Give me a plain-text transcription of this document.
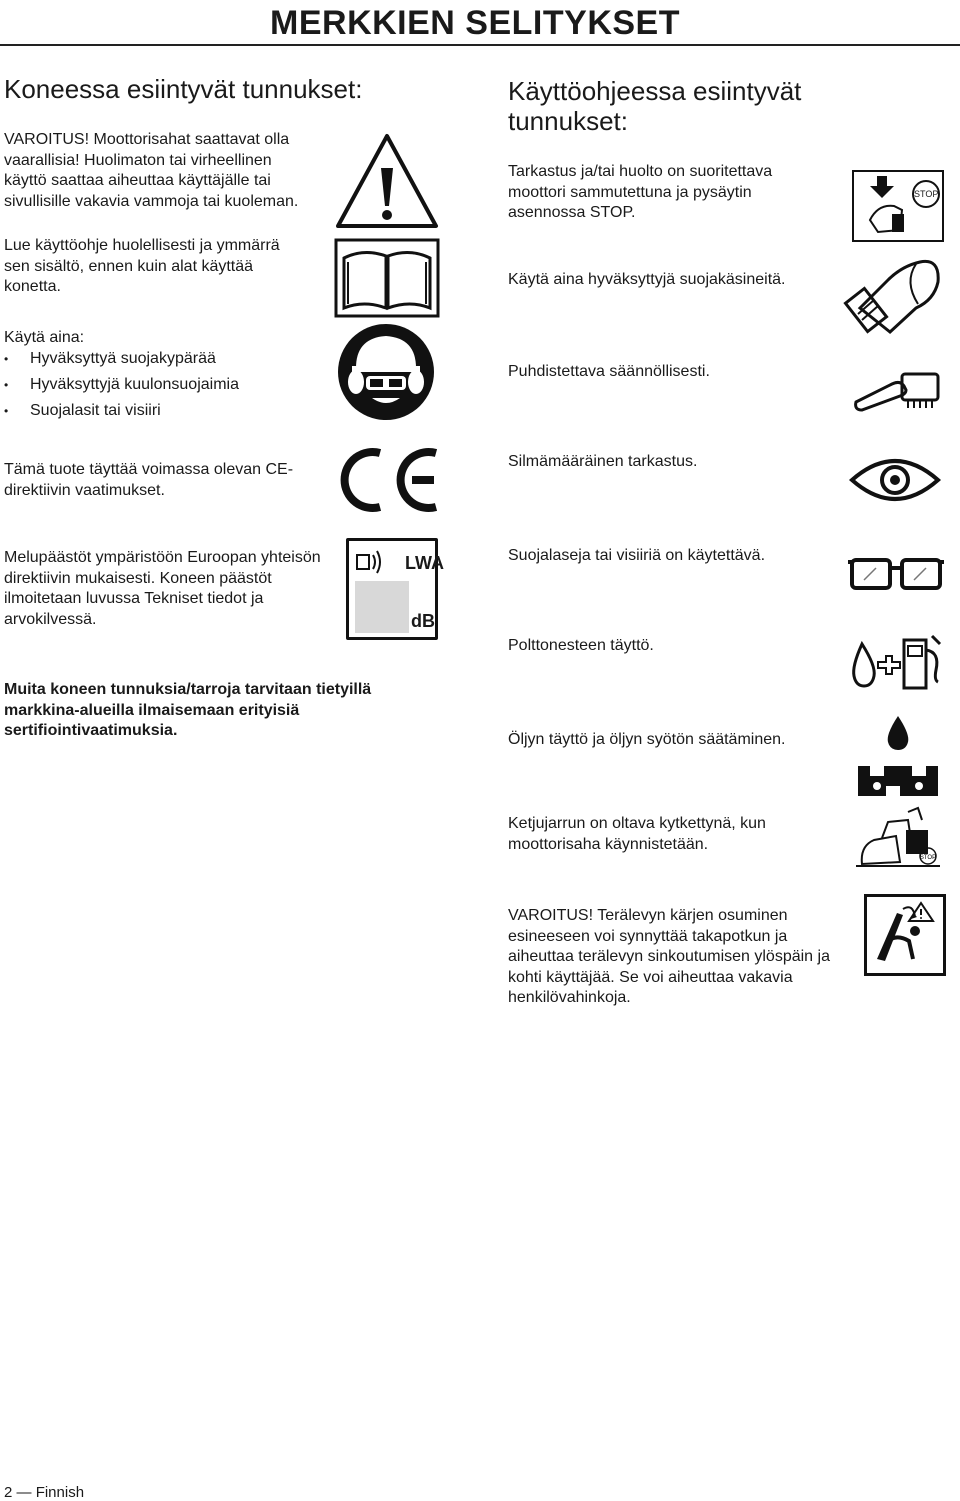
MERKKIEN SELITYKSET
Koneessa esiintyvät tunnukset:
VAROITUS! Moottorisahat saattavat olla vaarallisia! Huolimaton tai virheellinen käyttö saattaa aiheuttaa käyttäjälle tai sivullisille vakavia vammoja tai kuoleman.
Lue käyttöohje huolellisesti ja ymmärrä sen sisältö, ennen kuin alat käyttää konetta.
Käytä aina:
• Hyväksyttyä suojakypärää
• Hyväksyttyjä kuulonsuojaimia
• Suojalasit tai visiiri
Tämä tuote täyttää voimassa olevan CE-direktiivin vaatimukset.
Melupäästöt ympäristöön Euroopan yhteisön direktiivin mukaisesti. Koneen päästöt ilmoitetaan luvussa Tekniset tiedot ja arvokilvessä.
LWA
dB
Muita koneen tunnuksia/tarroja tarvitaan tietyillä markkina-alueilla ilmaisemaan erityisiä sertifiointivaatimuksia.
Käyttöohjeessa esiintyvät tunnukset:
Tarkastus ja/tai huolto on suoritettava moottori sammutettuna ja pysäytin asennossa STOP.
STOP
Käytä aina hyväksyttyjä suojakäsineitä.
Puhdistettava säännöllisesti.
Silmämääräinen tarkastus.
Suojalaseja tai visiiriä on käytettävä.
Polttonesteen täyttö.
Öljyn täyttö ja öljyn syötön säätäminen.
Ketjujarrun on oltava kytkettynä, kun moottorisaha käynnistetään.
STOP
VAROITUS! Terälevyn kärjen osuminen esineeseen voi synnyttää takapotkun ja aiheuttaa terälevyn sinkoutumisen ylöspäin ja kohti käyttäjää. Se voi aiheuttaa vakavia henkilövahinkoja.
2 — Finnish
